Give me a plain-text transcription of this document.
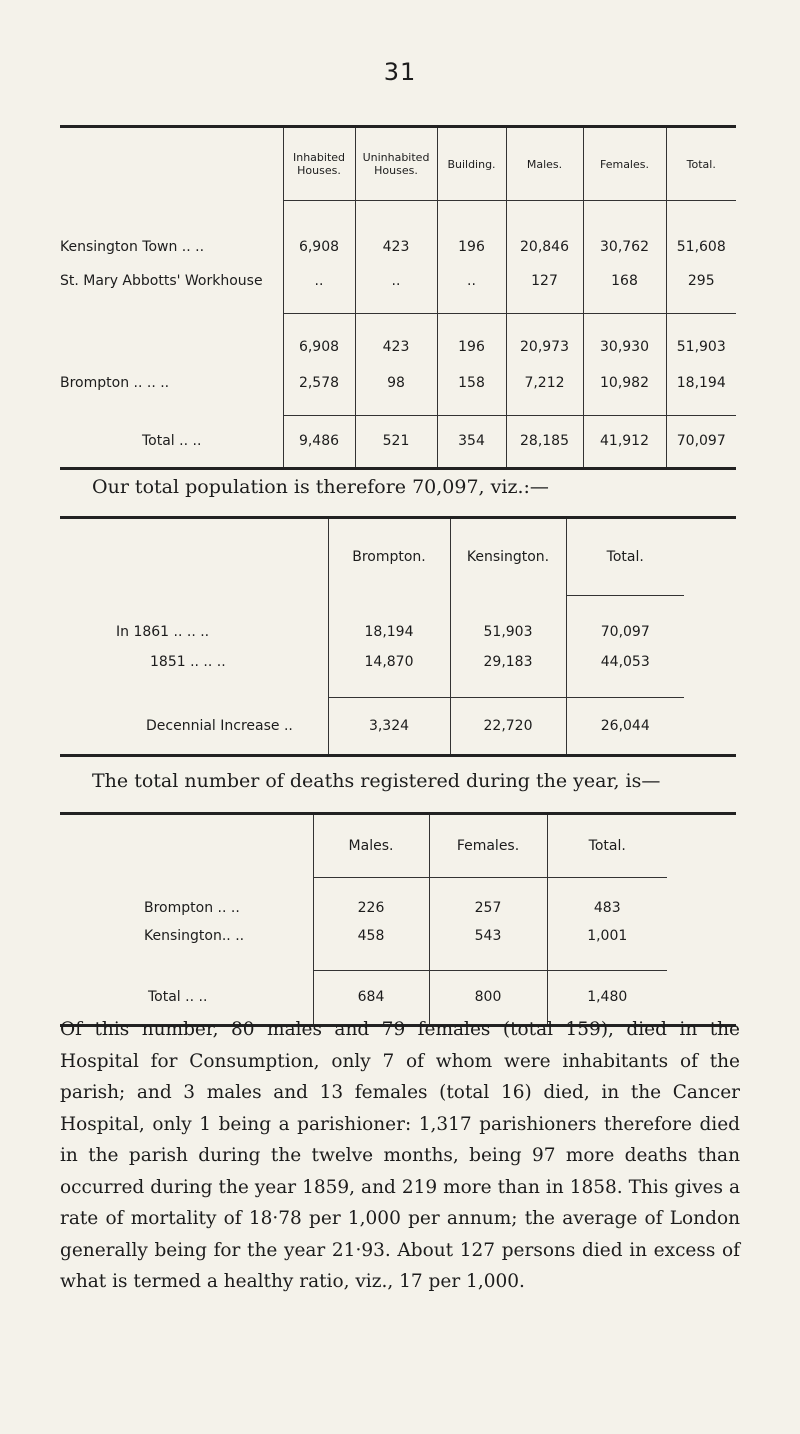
31
	Inhabited Houses.	Uninhabited Houses.	Building.	Males.	Females.	Total.
Kensington Town .. ..	6,908	423	196	20,846	30,762	51,608
St. Mary Abbotts' Workhouse	..	..	..	127	168	295
	6,908	423	196	20,973	30,930	51,903
Brompton .. .. ..	2,578	98	158	7,212	10,982	18,194
Total .. ..	9,486	521	354	28,185	41,912	70,097
Our total population is therefore 70,097, viz.:—
	Brompton.	Kensington.	Total.	
In 1861 .. .. ..	18,194	51,903	70,097	
1851 .. .. ..	14,870	29,183	44,053	
Decennial Increase ..	3,324	22,720	26,044	
The total number of deaths registered during the year, is—
	Males.	Females.	Total.	
Brompton .. ..	226	257	483	
Kensington.. ..	458	543	1,001	
Total .. ..	684	800	1,480	
Of this number, 80 males and 79 females (total 159), died in the Hospital for Consumption, only 7 of whom were inhabitants of the parish; and 3 males and 13 females (total 16) died, in the Cancer Hospital, only 1 being a parishioner: 1,317 parishioners therefore died in the parish during the twelve months, being 97 more deaths than occurred during the year 1859, and 219 more than in 1858. This gives a rate of mortality of 18·78 per 1,000 per annum; the average of London generally being for the year 21·93. About 127 persons died in excess of what is termed a healthy ratio, viz., 17 per 1,000.
